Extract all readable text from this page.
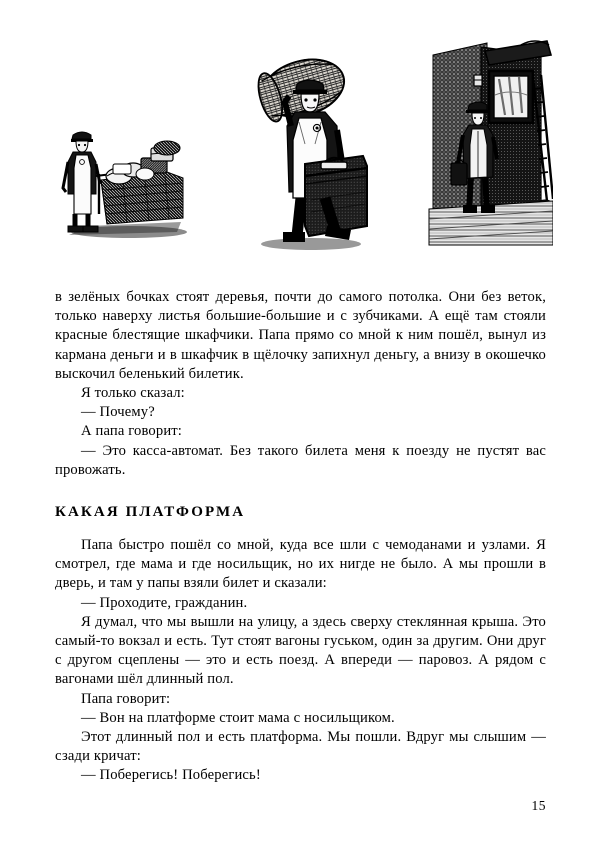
в зелёных бочках стоят деревья, почти до самого потолка. Они без веток, только наверху листья большие-большие и с зубчиками. А ещё там стояли красные блестящие шкафчики. Папа прямо со мной к ним пошёл, вынул из кармана деньги и в шкафчик в щёлочку запихнул деньгу, а внизу в окошечко выскочил беленький билетик.

Я только сказал:

— Почему?

А папа говорит:

— Это касса-автомат. Без такого билета меня к поезду не пустят вас провожать.

КАКАЯ ПЛАТФОРМА

Папа быстро пошёл со мной, куда все шли с чемоданами и узлами. Я смотрел, где мама и где носильщик, но их нигде не было. А мы прошли в дверь, и там у папы взяли билет и сказали:

— Проходите, гражданин.

Я думал, что мы вышли на улицу, а здесь сверху стеклянная крыша. Это самый-то вокзал и есть. Тут стоят вагоны гуськом, один за другим. Они друг с другом сцеплены — это и есть поезд. А впереди — паровоз. А рядом с вагонами шёл длинный пол.

Папа говорит:

— Вон на платформе стоит мама с носильщиком.

Этот длинный пол и есть платформа. Мы пошли. Вдруг мы слышим — сзади кричат:

— Поберегись! Поберегись!

15
